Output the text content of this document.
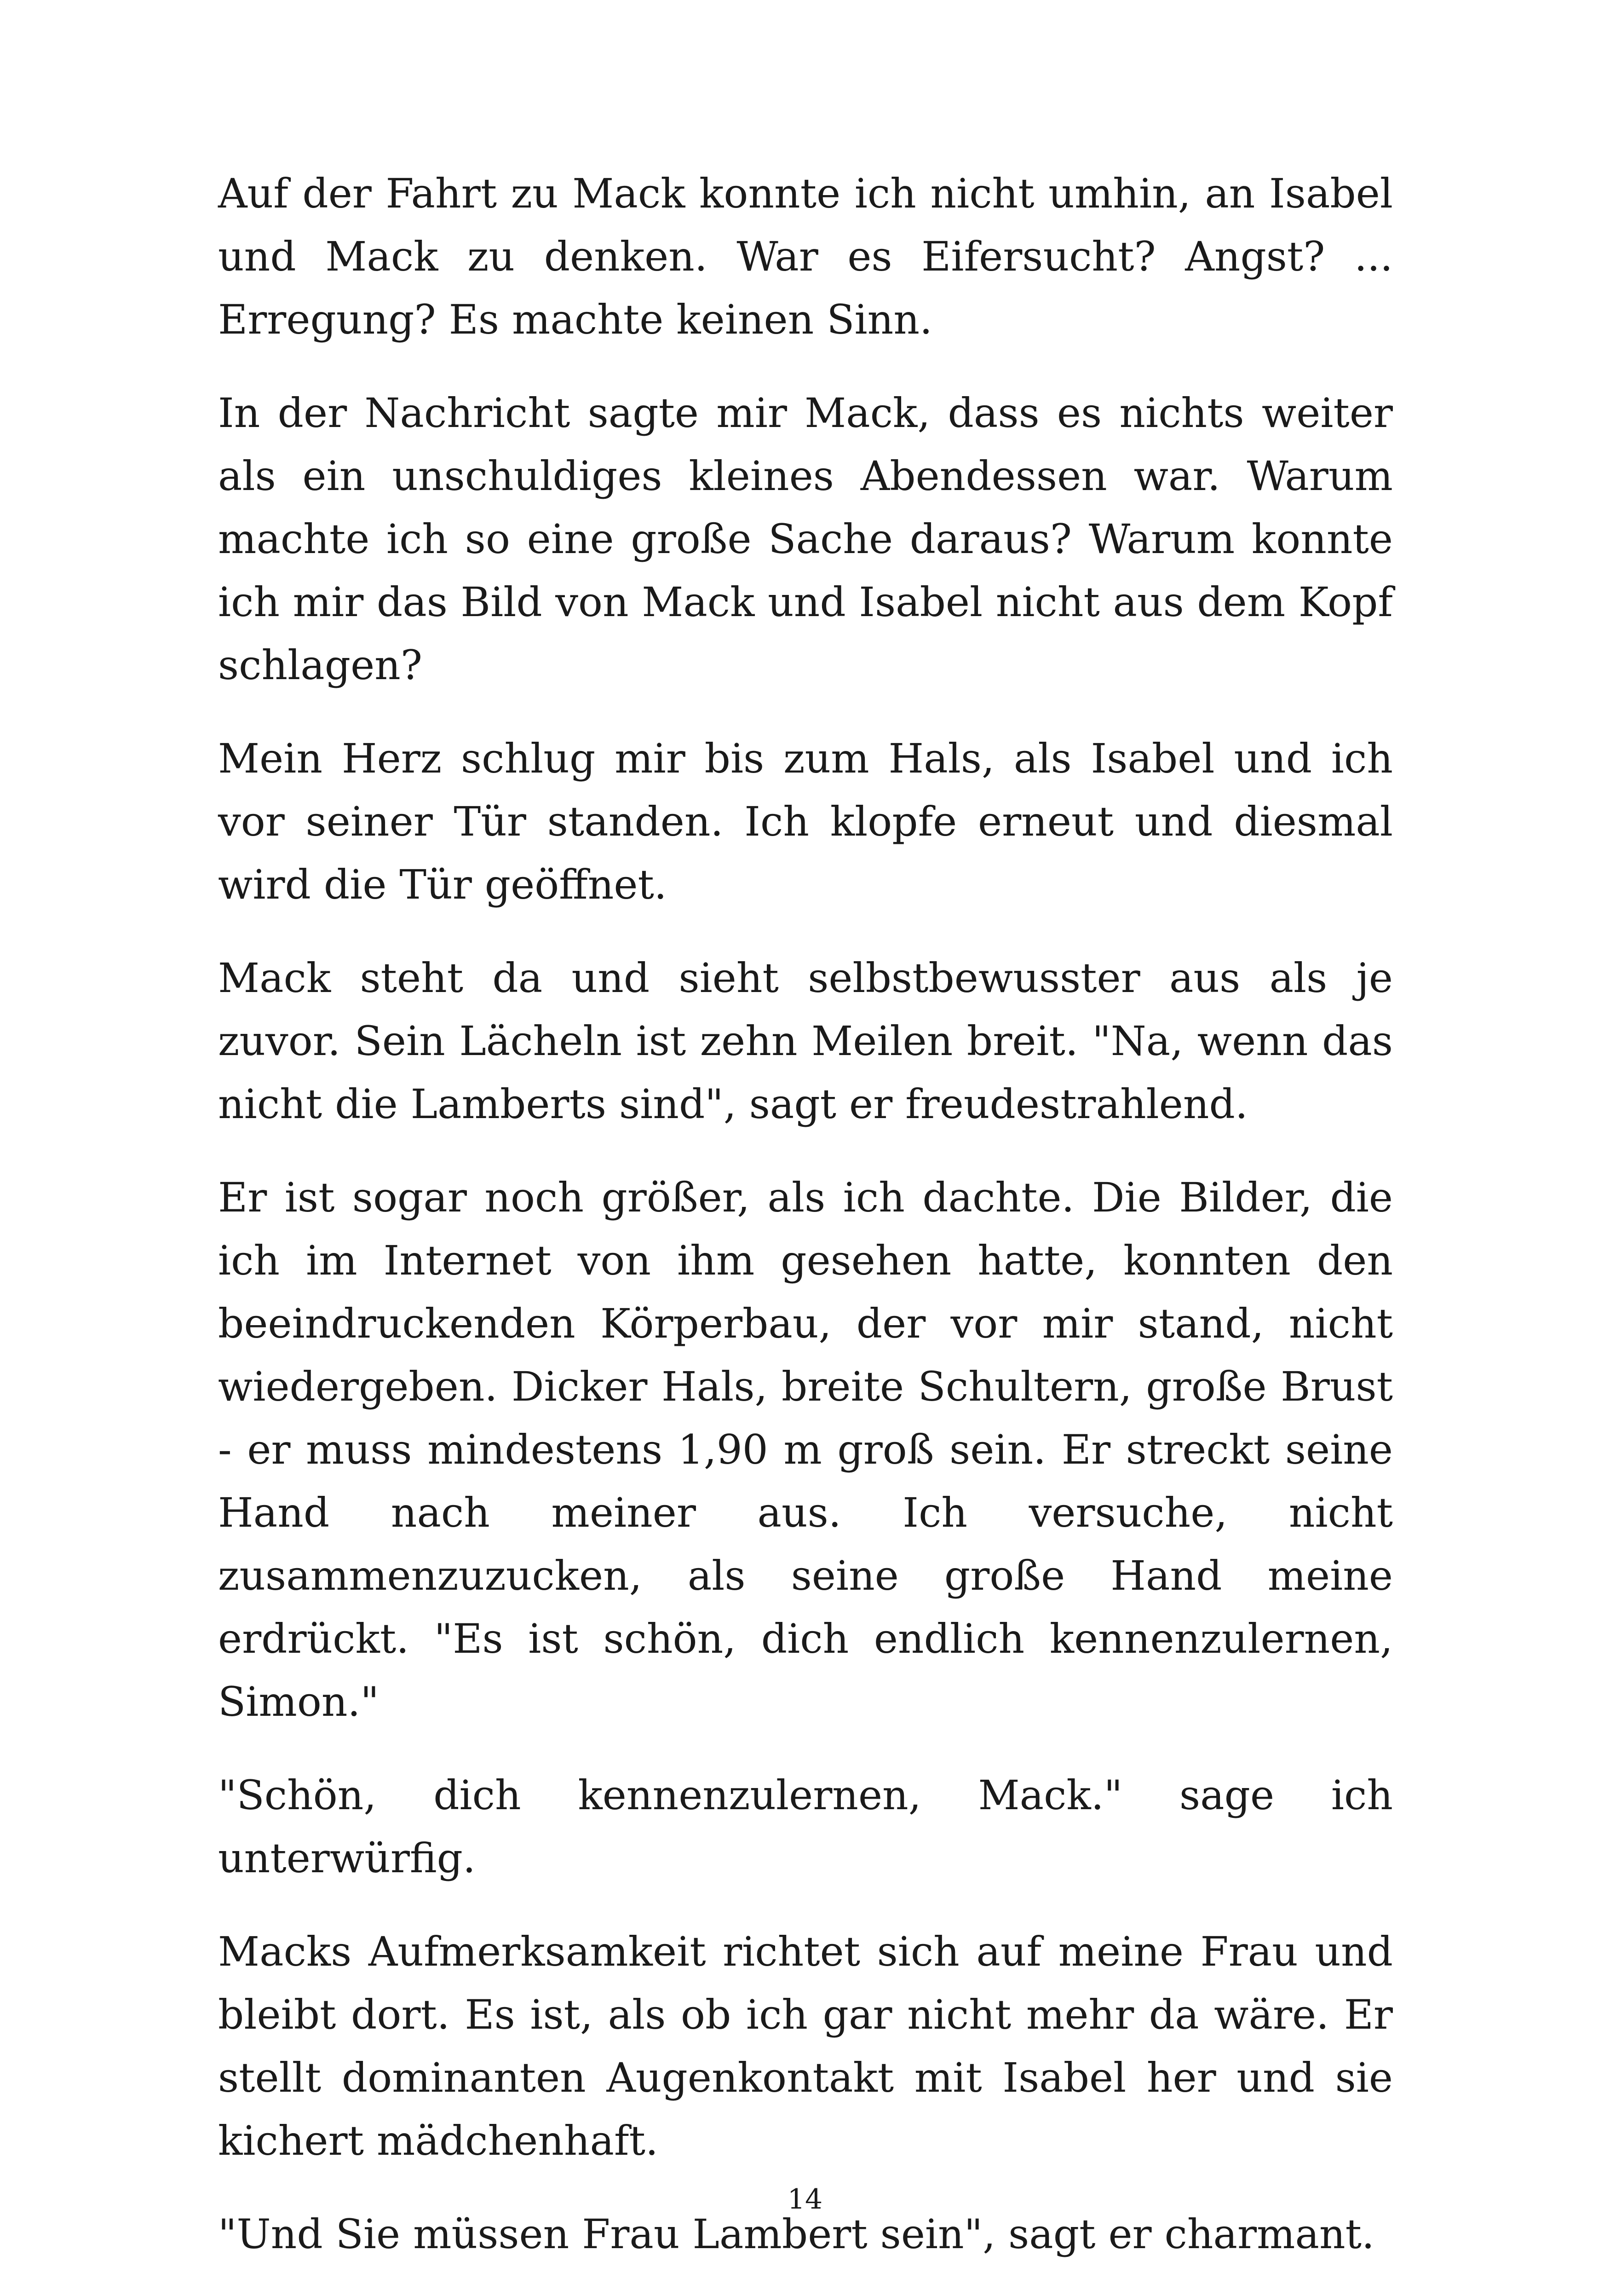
Auf der Fahrt zu Mack konnte ich nicht umhin, an Isabel und Mack zu denken. War es Eifersucht? Angst? ... Erregung? Es machte keinen Sinn.

In der Nachricht sagte mir Mack, dass es nichts weiter als ein unschuldiges kleines Abendessen war. Warum machte ich so eine große Sache daraus? Warum konnte ich mir das Bild von Mack und Isabel nicht aus dem Kopf schlagen?

Mein Herz schlug mir bis zum Hals, als Isabel und ich vor seiner Tür standen. Ich klopfe erneut und diesmal wird die Tür geöffnet.

Mack steht da und sieht selbstbewusster aus als je zuvor. Sein Lächeln ist zehn Meilen breit. "Na, wenn das nicht die Lamberts sind", sagt er freudestrahlend.

Er ist sogar noch größer, als ich dachte. Die Bilder, die ich im Internet von ihm gesehen hatte, konnten den beeindruckenden Körperbau, der vor mir stand, nicht wiedergeben. Dicker Hals, breite Schultern, große Brust - er muss mindestens 1,90 m groß sein. Er streckt seine Hand nach meiner aus. Ich versuche, nicht zusammenzuzucken, als seine große Hand meine erdrückt. "Es ist schön, dich endlich kennenzulernen, Simon."

"Schön, dich kennenzulernen, Mack." sage ich unterwürfig.

Macks Aufmerksamkeit richtet sich auf meine Frau und bleibt dort. Es ist, als ob ich gar nicht mehr da wäre. Er stellt dominanten Augenkontakt mit Isabel her und sie kichert mädchenhaft.

"Und Sie müssen Frau Lambert sein", sagt er charmant.

14
